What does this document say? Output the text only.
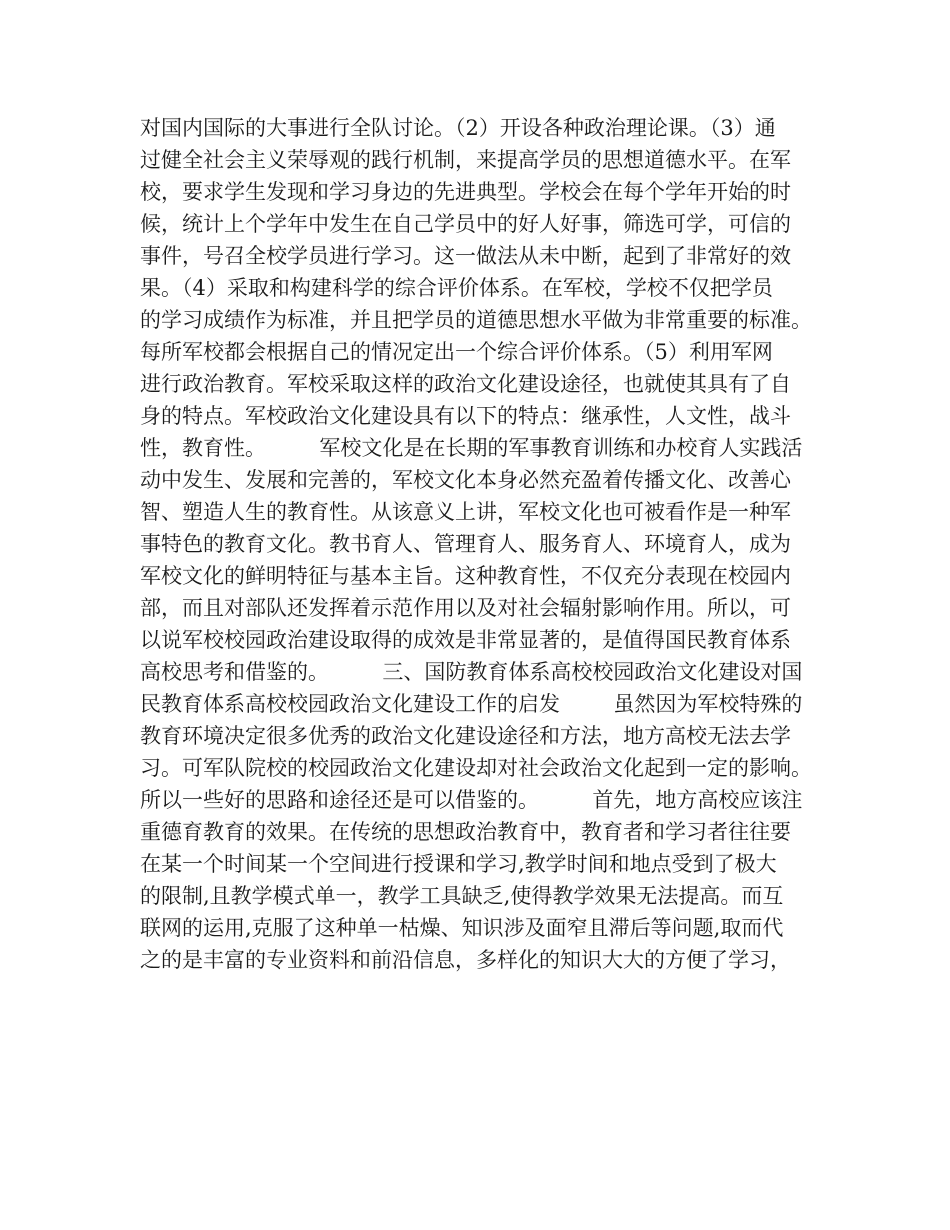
对国内国际的大事进行全队讨论。（2）开设各种政治理论课。（3）通
过健全社会主义荣辱观的践行机制，来提高学员的思想道德水平。在军
校，要求学生发现和学习身边的先进典型。学校会在每个学年开始的时
候，统计上个学年中发生在自己学员中的好人好事，筛选可学，可信的
事件，号召全校学员进行学习。这一做法从未中断，起到了非常好的效
果。（4）采取和构建科学的综合评价体系。在军校，学校不仅把学员
的学习成绩作为标准，并且把学员的道德思想水平做为非常重要的标准。
每所军校都会根据自己的情况定出一个综合评价体系。（5）利用军网
进行政治教育。军校采取这样的政治文化建设途径，也就使其具有了自
身的特点。军校政治文化建设具有以下的特点：继承性，人文性，战斗
性，教育性。        军校文化是在长期的军事教育训练和办校育人实践活
动中发生、发展和完善的，军校文化本身必然充盈着传播文化、改善心
智、塑造人生的教育性。从该意义上讲，军校文化也可被看作是一种军
事特色的教育文化。教书育人、管理育人、服务育人、环境育人，成为
军校文化的鲜明特征与基本主旨。这种教育性，不仅充分表现在校园内
部，而且对部队还发挥着示范作用以及对社会辐射影响作用。所以，可
以说军校校园政治建设取得的成效是非常显著的，是值得国民教育体系
高校思考和借鉴的。        三、国防教育体系高校校园政治文化建设对国
民教育体系高校校园政治文化建设工作的启发        虽然因为军校特殊的
教育环境决定很多优秀的政治文化建设途径和方法，地方高校无法去学
习。可军队院校的校园政治文化建设却对社会政治文化起到一定的影响。
所以一些好的思路和途径还是可以借鉴的。        首先，地方高校应该注
重德育教育的效果。在传统的思想政治教育中，教育者和学习者往往要
在某一个时间某一个空间进行授课和学习,教学时间和地点受到了极大
的限制,且教学模式单一，教学工具缺乏,使得教学效果无法提高。而互
联网的运用,克服了这种单一枯燥、知识涉及面窄且滞后等问题,取而代
之的是丰富的专业资料和前沿信息，多样化的知识大大的方便了学习，
